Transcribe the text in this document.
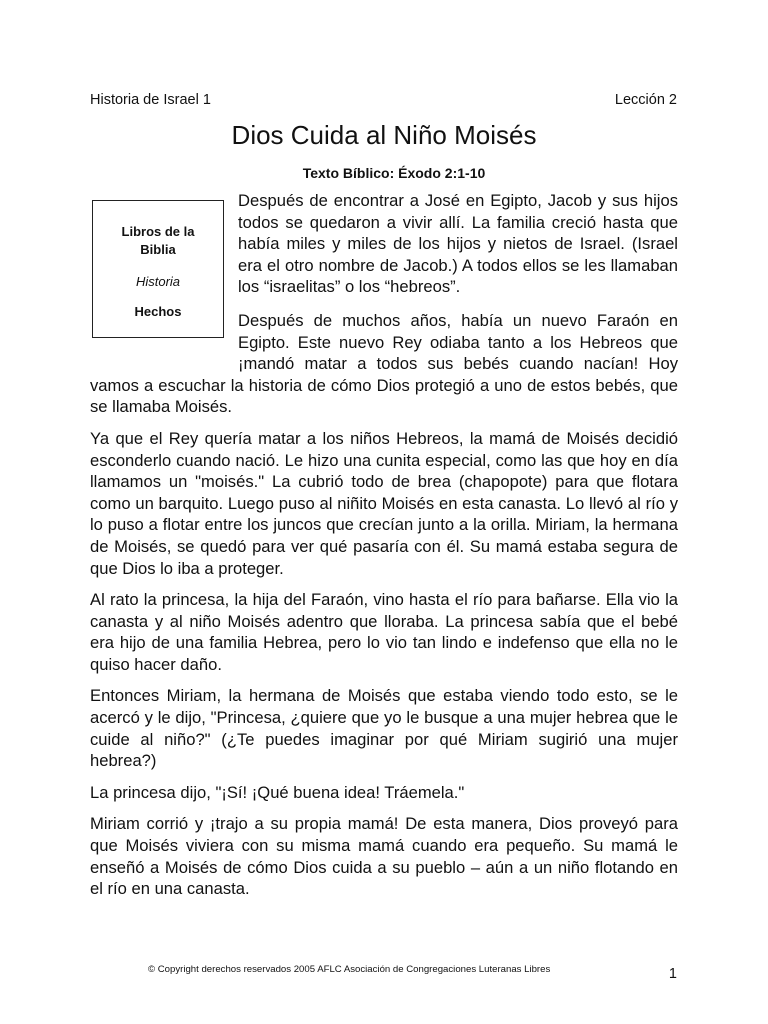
Historia de Israel 1	Lección 2
Dios Cuida al Niño Moisés
Texto Bíblico: Éxodo 2:1-10
Libros de la Biblia
Historia
Hechos

Después de encontrar a José en Egipto, Jacob y sus hijos todos se quedaron a vivir allí. La familia creció hasta que había miles y miles de los hijos y nietos de Israel. (Israel era el otro nombre de Jacob.) A todos ellos se les llamaban los “israelitas” o los “hebreos”.

Después de muchos años, había un nuevo Faraón en Egipto. Este nuevo Rey odiaba tanto a los Hebreos que ¡mandó matar a todos sus bebés cuando nacían! Hoy vamos a escuchar la historia de cómo Dios protegió a uno de estos bebés, que se llamaba Moisés.

Ya que el Rey quería matar a los niños Hebreos, la mamá de Moisés decidió esconderlo cuando nació. Le hizo una cunita especial, como las que hoy en día llamamos un "moisés." La cubrió todo de brea (chapopote) para que flotara como un barquito. Luego puso al niñito Moisés en esta canasta. Lo llevó al río y lo puso a flotar entre los juncos que crecían junto a la orilla. Miriam, la hermana de Moisés, se quedó para ver qué pasaría con él. Su mamá estaba segura de que Dios lo iba a proteger.

Al rato la princesa, la hija del Faraón, vino hasta el río para bañarse. Ella vio la canasta y al niño Moisés adentro que lloraba. La princesa sabía que el bebé era hijo de una familia Hebrea, pero lo vio tan lindo e indefenso que ella no le quiso hacer daño.

Entonces Miriam, la hermana de Moisés que estaba viendo todo esto, se le acercó y le dijo, "Princesa, ¿quiere que yo le busque a una mujer hebrea que le cuide al niño?" (¿Te puedes imaginar por qué Miriam sugirió una mujer hebrea?)

La princesa dijo, "¡Sí! ¡Qué buena idea! Tráemela."

Miriam corrió y ¡trajo a su propia mamá! De esta manera, Dios proveyó para que Moisés viviera con su misma mamá cuando era pequeño. Su mamá le enseñó a Moisés de cómo Dios cuida a su pueblo – aún a un niño flotando en el río en una canasta.

© Copyright derechos reservados 2005 AFLC Asociación de Congregaciones Luteranas Libres	1
